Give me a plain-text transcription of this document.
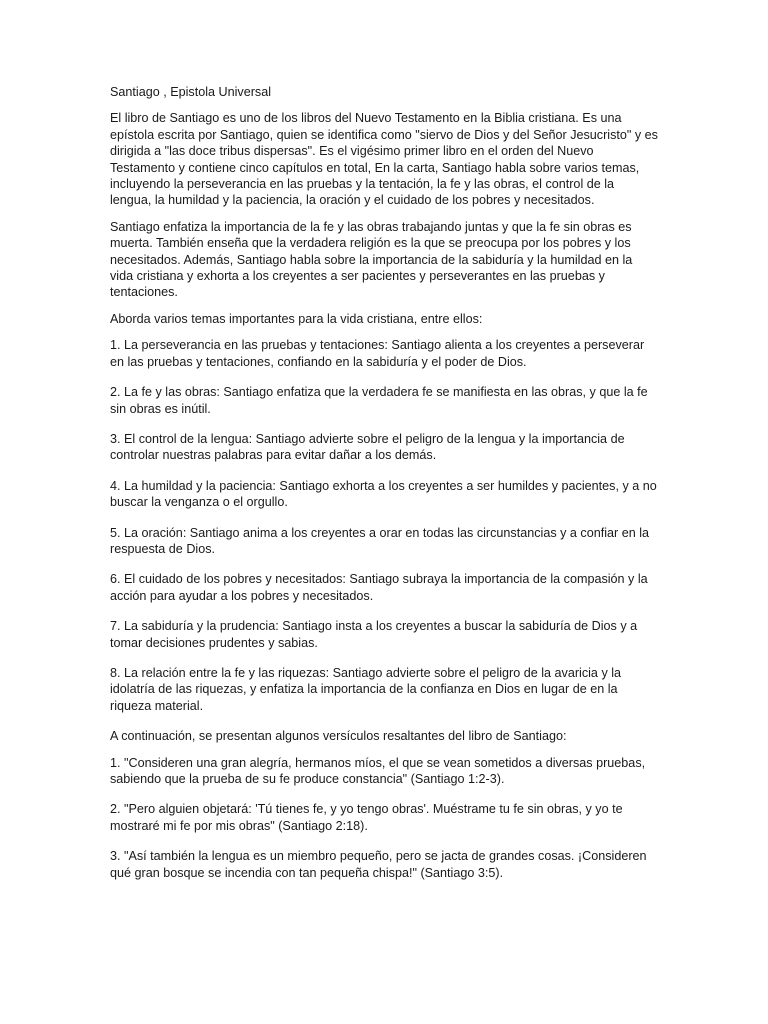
Santiago , Epistola Universal

El libro de Santiago es uno de los libros del Nuevo Testamento en la Biblia cristiana. Es una epístola escrita por Santiago, quien se identifica como "siervo de Dios y del Señor Jesucristo" y es dirigida a "las doce tribus dispersas". Es el vigésimo primer libro en el orden del Nuevo Testamento y contiene cinco capítulos en total, En la carta, Santiago habla sobre varios temas, incluyendo la perseverancia en las pruebas y la tentación, la fe y las obras, el control de la lengua, la humildad y la paciencia, la oración y el cuidado de los pobres y necesitados.

Santiago enfatiza la importancia de la fe y las obras trabajando juntas y que la fe sin obras es muerta. También enseña que la verdadera religión es la que se preocupa por los pobres y los necesitados. Además, Santiago habla sobre la importancia de la sabiduría y la humildad en la vida cristiana y exhorta a los creyentes a ser pacientes y perseverantes en las pruebas y tentaciones.

Aborda varios temas importantes para la vida cristiana, entre ellos:

1. La perseverancia en las pruebas y tentaciones: Santiago alienta a los creyentes a perseverar en las pruebas y tentaciones, confiando en la sabiduría y el poder de Dios.

2. La fe y las obras: Santiago enfatiza que la verdadera fe se manifiesta en las obras, y que la fe sin obras es inútil.

3. El control de la lengua: Santiago advierte sobre el peligro de la lengua y la importancia de controlar nuestras palabras para evitar dañar a los demás.

4. La humildad y la paciencia: Santiago exhorta a los creyentes a ser humildes y pacientes, y a no buscar la venganza o el orgullo.

5. La oración: Santiago anima a los creyentes a orar en todas las circunstancias y a confiar en la respuesta de Dios.

6. El cuidado de los pobres y necesitados: Santiago subraya la importancia de la compasión y la acción para ayudar a los pobres y necesitados.

7. La sabiduría y la prudencia: Santiago insta a los creyentes a buscar la sabiduría de Dios y a tomar decisiones prudentes y sabias.

8. La relación entre la fe y las riquezas: Santiago advierte sobre el peligro de la avaricia y la idolatría de las riquezas, y enfatiza la importancia de la confianza en Dios en lugar de en la riqueza material.

A continuación, se presentan algunos versículos resaltantes del libro de Santiago:

1. "Consideren una gran alegría, hermanos míos, el que se vean sometidos a diversas pruebas, sabiendo que la prueba de su fe produce constancia" (Santiago 1:2-3).

2. "Pero alguien objetará: 'Tú tienes fe, y yo tengo obras'. Muéstrame tu fe sin obras, y yo te mostraré mi fe por mis obras" (Santiago 2:18).

3. "Así también la lengua es un miembro pequeño, pero se jacta de grandes cosas. ¡Consideren qué gran bosque se incendia con tan pequeña chispa!" (Santiago 3:5).
